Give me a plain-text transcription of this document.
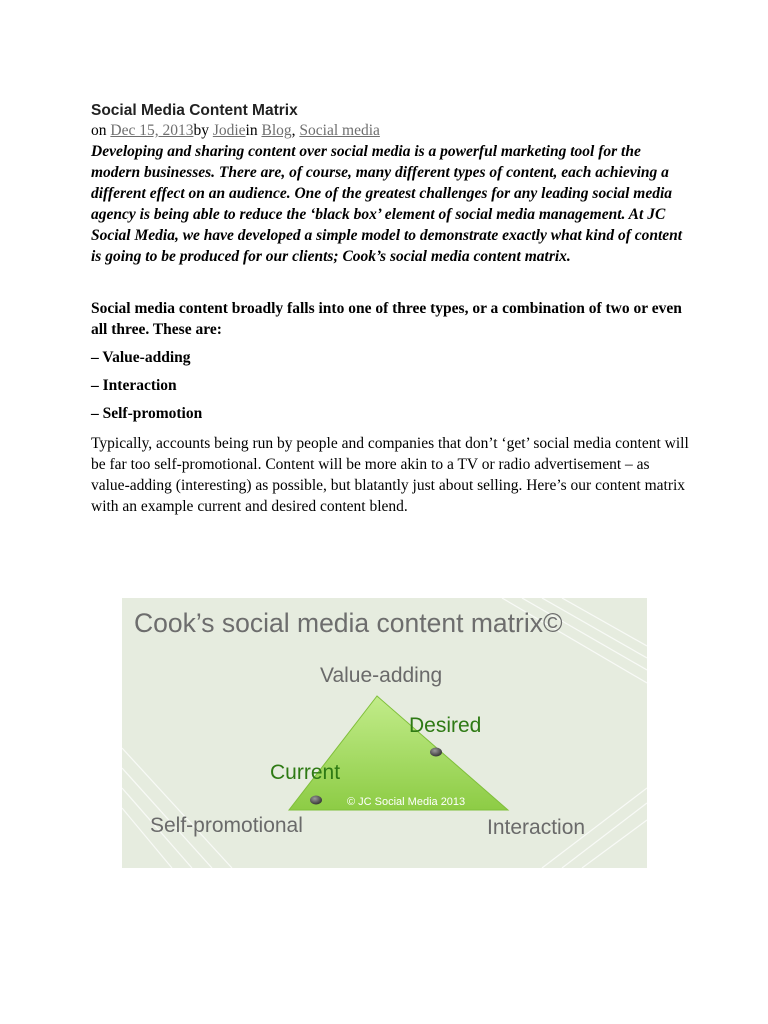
Social Media Content Matrix
on Dec 15, 2013by Jodiein Blog, Social media

Developing and sharing content over social media is a powerful marketing tool for the modern businesses. There are, of course, many different types of content, each achieving a different effect on an audience. One of the greatest challenges for any leading social media agency is being able to reduce the ‘black box’ element of social media management. At JC Social Media, we have developed a simple model to demonstrate exactly what kind of content is going to be produced for our clients; Cook’s social media content matrix.

Social media content broadly falls into one of three types, or a combination of two or even all three. These are:

– Value-adding

– Interaction

– Self-promotion

Typically, accounts being run by people and companies that don’t ‘get’ social media content will be far too self-promotional. Content will be more akin to a TV or radio advertisement – as value-adding (interesting) as possible, but blatantly just about selling. Here’s our content matrix with an example current and desired content blend.

Cook’s social media content matrix©
Value-adding
Desired
Current
© JC Social Media 2013
Self-promotional	Interaction
